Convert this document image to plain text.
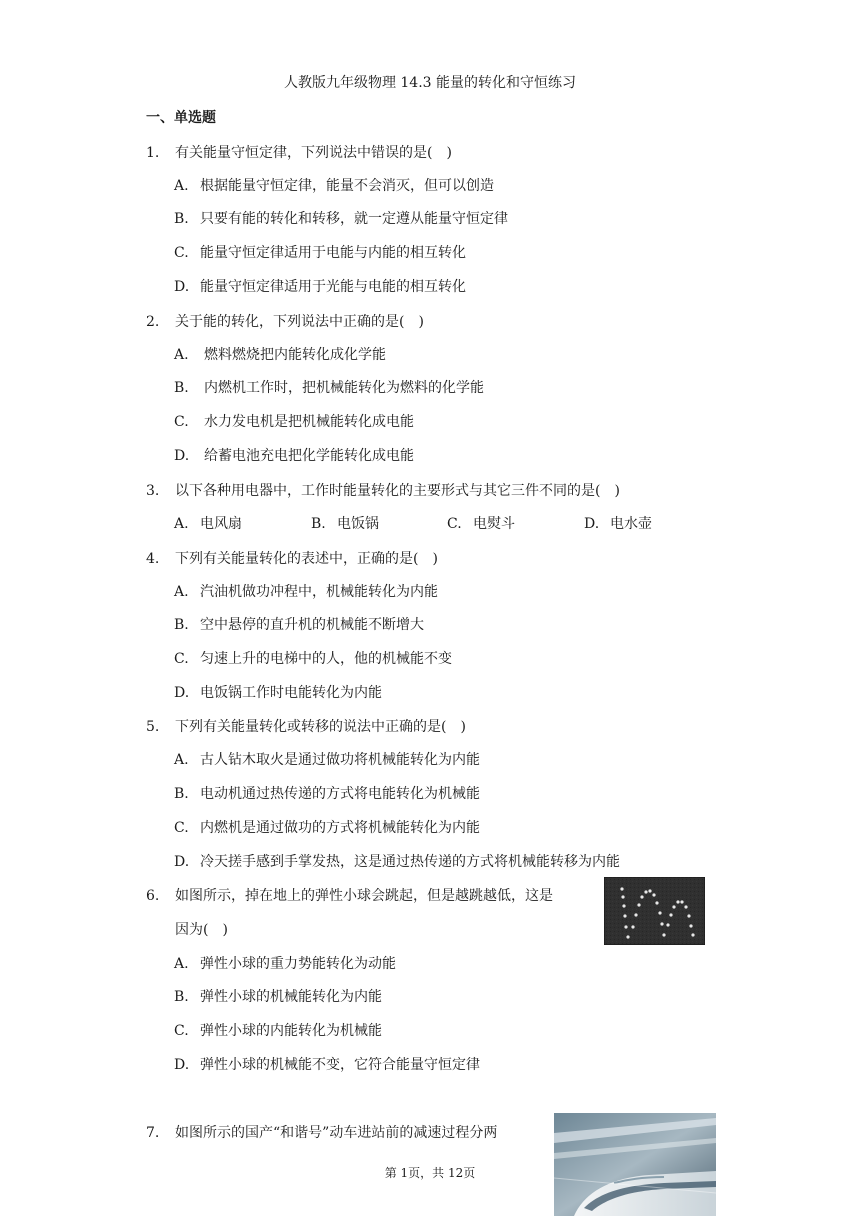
人教版九年级物理 14.3 能量的转化和守恒练习
一、单选题
1. 有关能量守恒定律，下列说法中错误的是(　)
A. 根据能量守恒定律，能量不会消灭，但可以创造
B. 只要有能的转化和转移，就一定遵从能量守恒定律
C. 能量守恒定律适用于电能与内能的相互转化
D. 能量守恒定律适用于光能与电能的相互转化
2. 关于能的转化，下列说法中正确的是(　)
A. 燃料燃烧把内能转化成化学能
B. 内燃机工作时，把机械能转化为燃料的化学能
C. 水力发电机是把机械能转化成电能
D. 给蓄电池充电把化学能转化成电能
3. 以下各种用电器中，工作时能量转化的主要形式与其它三件不同的是(　)
A. 电风扇	B. 电饭锅	C. 电熨斗	D. 电水壶
4. 下列有关能量转化的表述中，正确的是(　)
A. 汽油机做功冲程中，机械能转化为内能
B. 空中悬停的直升机的机械能不断增大
C. 匀速上升的电梯中的人，他的机械能不变
D. 电饭锅工作时电能转化为内能
5. 下列有关能量转化或转移的说法中正确的是(　)
A. 古人钻木取火是通过做功将机械能转化为内能
B. 电动机通过热传递的方式将电能转化为机械能
C. 内燃机是通过做功的方式将机械能转化为内能
D. 冷天搓手感到手掌发热，这是通过热传递的方式将机械能转移为内能
6. 如图所示，掉在地上的弹性小球会跳起，但是越跳越低，这是
因为(　)
A. 弹性小球的重力势能转化为动能
B. 弹性小球的机械能转化为内能
C. 弹性小球的内能转化为机械能
D. 弹性小球的机械能不变，它符合能量守恒定律
7. 如图所示的国产“和谐号”动车进站前的减速过程分两
第 1页，共 12页
